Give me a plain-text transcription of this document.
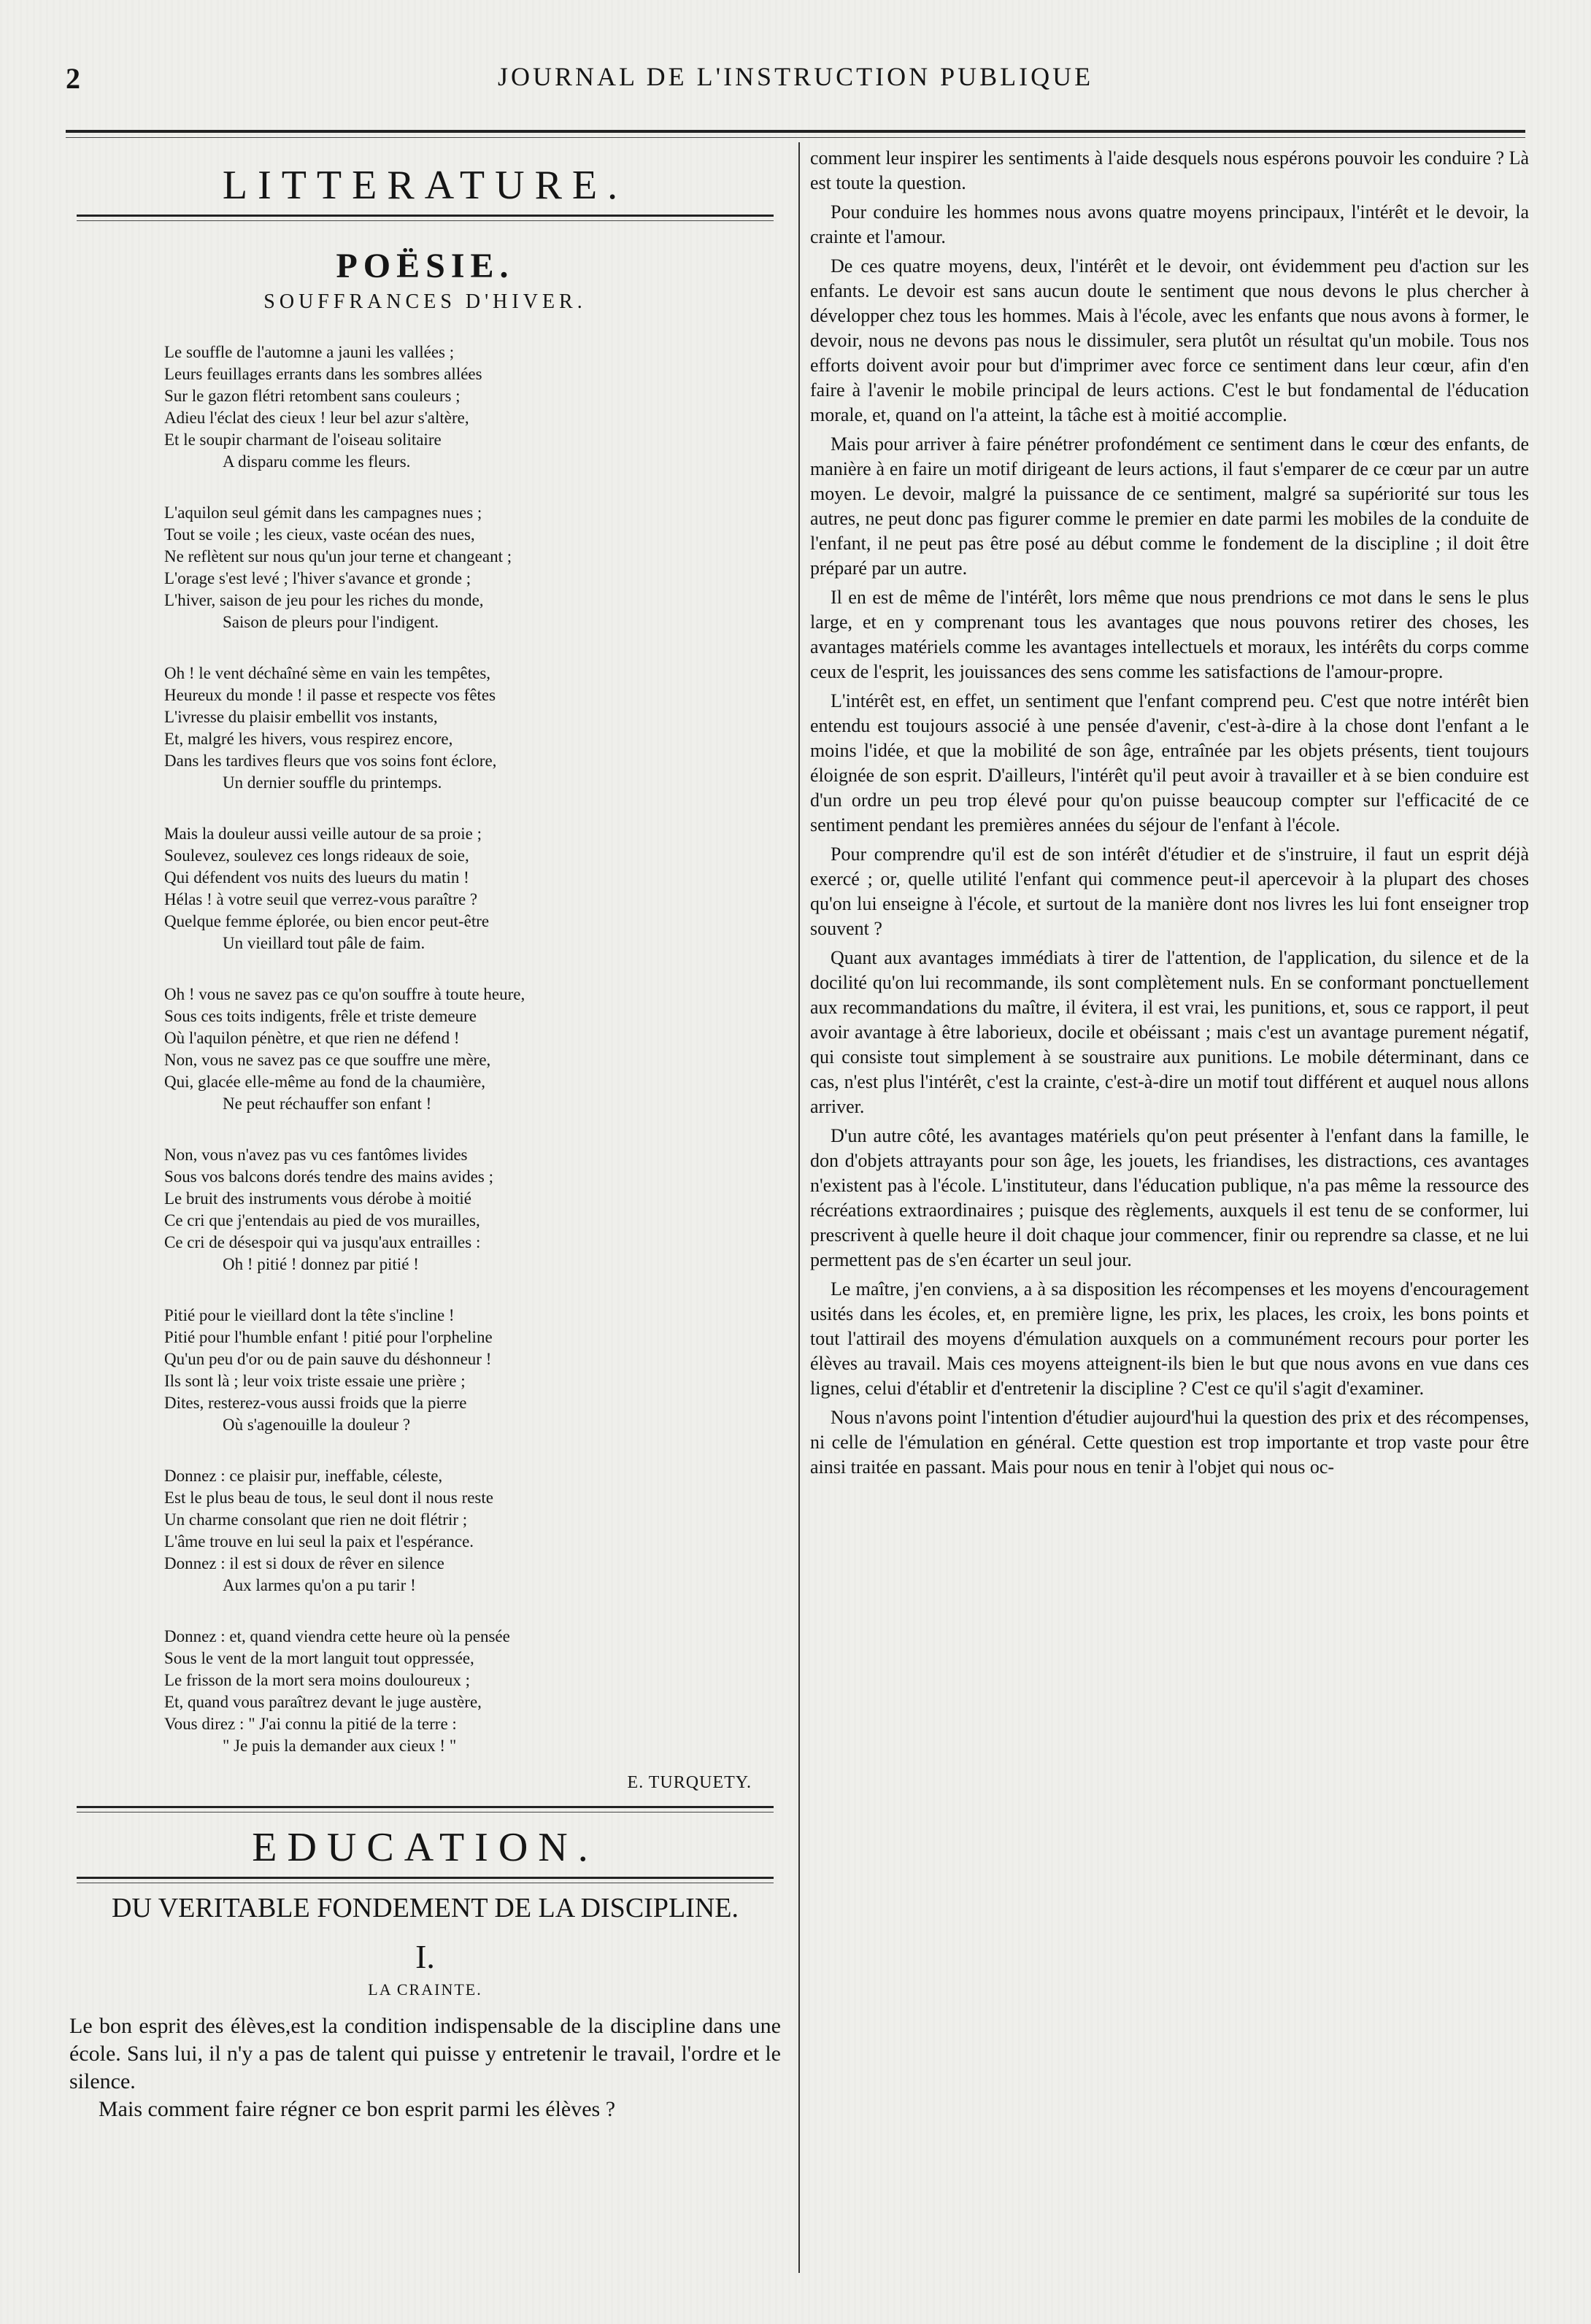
2	JOURNAL DE L'INSTRUCTION PUBLIQUE
LITTERATURE.
POËSIE.
SOUFFRANCES D'HIVER.
Le souffle de l'automne a jauni les vallées ;
Leurs feuillages errants dans les sombres allées
Sur le gazon flétri retombent sans couleurs ;
Adieu l'éclat des cieux ! leur bel azur s'altère,
Et le soupir charmant de l'oiseau solitaire
A disparu comme les fleurs.
L'aquilon seul gémit dans les campagnes nues ;
Tout se voile ; les cieux, vaste océan des nues,
Ne reflètent sur nous qu'un jour terne et changeant ;
L'orage s'est levé ; l'hiver s'avance et gronde ;
L'hiver, saison de jeu pour les riches du monde,
Saison de pleurs pour l'indigent.
Oh ! le vent déchaîné sème en vain les tempêtes,
Heureux du monde ! il passe et respecte vos fêtes
L'ivresse du plaisir embellit vos instants,
Et, malgré les hivers, vous respirez encore,
Dans les tardives fleurs que vos soins font éclore,
Un dernier souffle du printemps.
Mais la douleur aussi veille autour de sa proie ;
Soulevez, soulevez ces longs rideaux de soie,
Qui défendent vos nuits des lueurs du matin !
Hélas ! à votre seuil que verrez-vous paraître ?
Quelque femme éplorée, ou bien encor peut-être
Un vieillard tout pâle de faim.
Oh ! vous ne savez pas ce qu'on souffre à toute heure,
Sous ces toits indigents, frêle et triste demeure
Où l'aquilon pénètre, et que rien ne défend !
Non, vous ne savez pas ce que souffre une mère,
Qui, glacée elle-même au fond de la chaumière,
Ne peut réchauffer son enfant !
Non, vous n'avez pas vu ces fantômes livides
Sous vos balcons dorés tendre des mains avides ;
Le bruit des instruments vous dérobe à moitié
Ce cri que j'entendais au pied de vos murailles,
Ce cri de désespoir qui va jusqu'aux entrailles :
Oh ! pitié ! donnez par pitié !
Pitié pour le vieillard dont la tête s'incline !
Pitié pour l'humble enfant ! pitié pour l'orpheline
Qu'un peu d'or ou de pain sauve du déshonneur !
Ils sont là ; leur voix triste essaie une prière ;
Dites, resterez-vous aussi froids que la pierre
Où s'agenouille la douleur ?
Donnez : ce plaisir pur, ineffable, céleste,
Est le plus beau de tous, le seul dont il nous reste
Un charme consolant que rien ne doit flétrir ;
L'âme trouve en lui seul la paix et l'espérance.
Donnez : il est si doux de rêver en silence
Aux larmes qu'on a pu tarir !
Donnez : et, quand viendra cette heure où la pensée
Sous le vent de la mort languit tout oppressée,
Le frisson de la mort sera moins douloureux ;
Et, quand vous paraîtrez devant le juge austère,
Vous direz : " J'ai connu la pitié de la terre :
" Je puis la demander aux cieux ! "
E. TURQUETY.
EDUCATION.
DU VERITABLE FONDEMENT DE LA DISCIPLINE.
I.
LA CRAINTE.

Le bon esprit des élèves,est la condition indispensable de la discipline dans une école. Sans lui, il n'y a pas de talent qui puisse y entretenir le travail, l'ordre et le silence.

Mais comment faire régner ce bon esprit parmi les élèves ?

comment leur inspirer les sentiments à l'aide desquels nous espérons pouvoir les conduire ? Là est toute la question.

Pour conduire les hommes nous avons quatre moyens principaux, l'intérêt et le devoir, la crainte et l'amour.

De ces quatre moyens, deux, l'intérêt et le devoir, ont évidemment peu d'action sur les enfants. Le devoir est sans aucun doute le sentiment que nous devons le plus chercher à développer chez tous les hommes. Mais à l'école, avec les enfants que nous avons à former, le devoir, nous ne devons pas nous le dissimuler, sera plutôt un résultat qu'un mobile. Tous nos efforts doivent avoir pour but d'imprimer avec force ce sentiment dans leur cœur, afin d'en faire à l'avenir le mobile principal de leurs actions. C'est le but fondamental de l'éducation morale, et, quand on l'a atteint, la tâche est à moitié accomplie.

Mais pour arriver à faire pénétrer profondément ce sentiment dans le cœur des enfants, de manière à en faire un motif dirigeant de leurs actions, il faut s'emparer de ce cœur par un autre moyen. Le devoir, malgré la puissance de ce sentiment, malgré sa supériorité sur tous les autres, ne peut donc pas figurer comme le premier en date parmi les mobiles de la conduite de l'enfant, il ne peut pas être posé au début comme le fondement de la discipline ; il doit être préparé par un autre.

Il en est de même de l'intérêt, lors même que nous prendrions ce mot dans le sens le plus large, et en y comprenant tous les avantages que nous pouvons retirer des choses, les avantages matériels comme les avantages intellectuels et moraux, les intérêts du corps comme ceux de l'esprit, les jouissances des sens comme les satisfactions de l'amour-propre.

L'intérêt est, en effet, un sentiment que l'enfant comprend peu. C'est que notre intérêt bien entendu est toujours associé à une pensée d'avenir, c'est-à-dire à la chose dont l'enfant a le moins l'idée, et que la mobilité de son âge, entraînée par les objets présents, tient toujours éloignée de son esprit. D'ailleurs, l'intérêt qu'il peut avoir à travailler et à se bien conduire est d'un ordre un peu trop élevé pour qu'on puisse beaucoup compter sur l'efficacité de ce sentiment pendant les premières années du séjour de l'enfant à l'école.

Pour comprendre qu'il est de son intérêt d'étudier et de s'instruire, il faut un esprit déjà exercé ; or, quelle utilité l'enfant qui commence peut-il apercevoir à la plupart des choses qu'on lui enseigne à l'école, et surtout de la manière dont nos livres les lui font enseigner trop souvent ?

Quant aux avantages immédiats à tirer de l'attention, de l'application, du silence et de la docilité qu'on lui recommande, ils sont complètement nuls. En se conformant ponctuellement aux recommandations du maître, il évitera, il est vrai, les punitions, et, sous ce rapport, il peut avoir avantage à être laborieux, docile et obéissant ; mais c'est un avantage purement négatif, qui consiste tout simplement à se soustraire aux punitions. Le mobile déterminant, dans ce cas, n'est plus l'intérêt, c'est la crainte, c'est-à-dire un motif tout différent et auquel nous allons arriver.

D'un autre côté, les avantages matériels qu'on peut présenter à l'enfant dans la famille, le don d'objets attrayants pour son âge, les jouets, les friandises, les distractions, ces avantages n'existent pas à l'école. L'instituteur, dans l'éducation publique, n'a pas même la ressource des récréations extraordinaires ; puisque des règlements, auxquels il est tenu de se conformer, lui prescrivent à quelle heure il doit chaque jour commencer, finir ou reprendre sa classe, et ne lui permettent pas de s'en écarter un seul jour.

Le maître, j'en conviens, a à sa disposition les récompenses et les moyens d'encouragement usités dans les écoles, et, en première ligne, les prix, les places, les croix, les bons points et tout l'attirail des moyens d'émulation auxquels on a communément recours pour porter les élèves au travail. Mais ces moyens atteignent-ils bien le but que nous avons en vue dans ces lignes, celui d'établir et d'entretenir la discipline ? C'est ce qu'il s'agit d'examiner.

Nous n'avons point l'intention d'étudier aujourd'hui la question des prix et des récompenses, ni celle de l'émulation en général. Cette question est trop importante et trop vaste pour être ainsi traitée en passant. Mais pour nous en tenir à l'objet qui nous oc-
